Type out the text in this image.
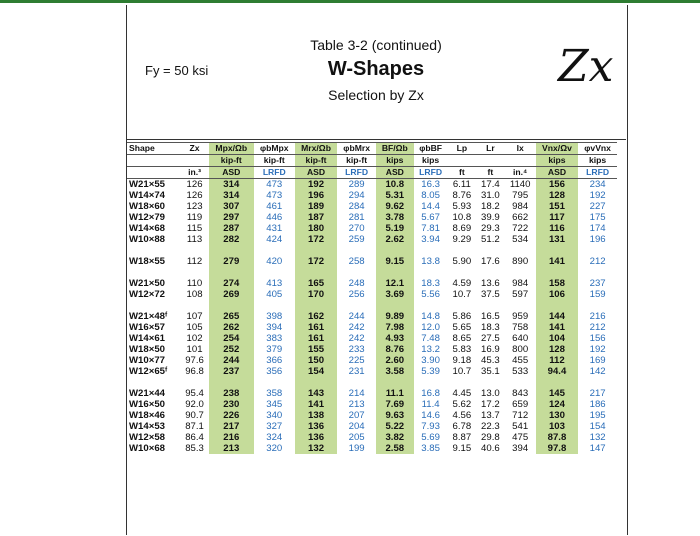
Fy = 50 ksi
Table 3-2 (continued)
W-Shapes
Selection by Zx
Zx
Shape	Zx	Mpx/Ωb	φbMpx	Mrx/Ωb	φbMrx	BF/Ωb	φbBF	Lp	Lr	Ix	Vnx/Ωv	φvVnx
		kip-ft	kip-ft	kip-ft	kip-ft	kips	kips				kips	kips
	in.³	ASD	LRFD	ASD	LRFD	ASD	LRFD	ft	ft	in.⁴	ASD	LRFD
W21×55	126	314	473	192	289	10.8	16.3	6.11	17.4	1140	156	234
W14×74	126	314	473	196	294	5.31	8.05	8.76	31.0	795	128	192
W18×60	123	307	461	189	284	9.62	14.4	5.93	18.2	984	151	227
W12×79	119	297	446	187	281	3.78	5.67	10.8	39.9	662	117	175
W14×68	115	287	431	180	270	5.19	7.81	8.69	29.3	722	116	174
W10×88	113	282	424	172	259	2.62	3.94	9.29	51.2	534	131	196

W18×55	112	279	420	172	258	9.15	13.8	5.90	17.6	890	141	212

W21×50	110	274	413	165	248	12.1	18.3	4.59	13.6	984	158	237
W12×72	108	269	405	170	256	3.69	5.56	10.7	37.5	597	106	159

W21×48ᶠ	107	265	398	162	244	9.89	14.8	5.86	16.5	959	144	216
W16×57	105	262	394	161	242	7.98	12.0	5.65	18.3	758	141	212
W14×61	102	254	383	161	242	4.93	7.48	8.65	27.5	640	104	156
W18×50	101	252	379	155	233	8.76	13.2	5.83	16.9	800	128	192
W10×77	97.6	244	366	150	225	2.60	3.90	9.18	45.3	455	112	169
W12×65ᶠ	96.8	237	356	154	231	3.58	5.39	10.7	35.1	533	94.4	142

W21×44	95.4	238	358	143	214	11.1	16.8	4.45	13.0	843	145	217
W16×50	92.0	230	345	141	213	7.69	11.4	5.62	17.2	659	124	186
W18×46	90.7	226	340	138	207	9.63	14.6	4.56	13.7	712	130	195
W14×53	87.1	217	327	136	204	5.22	7.93	6.78	22.3	541	103	154
W12×58	86.4	216	324	136	205	3.82	5.69	8.87	29.8	475	87.8	132
W10×68	85.3	213	320	132	199	2.58	3.85	9.15	40.6	394	97.8	147
